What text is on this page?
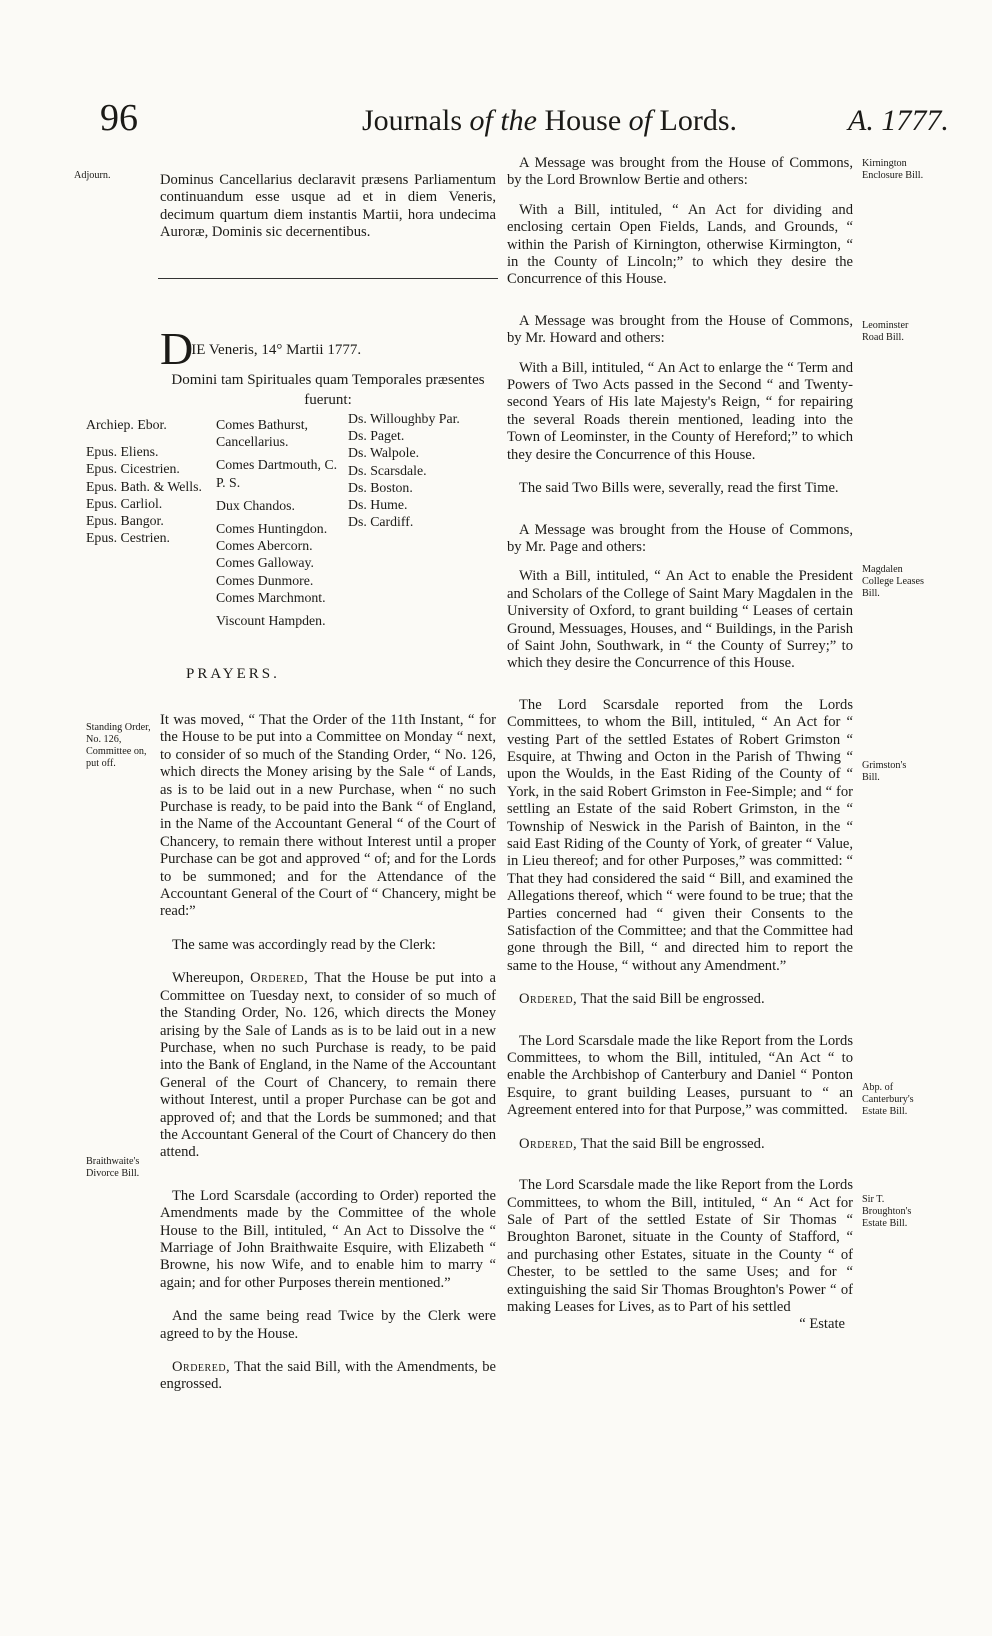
96	Journals of the House of Lords.	A. 1777.
Adjourn.
Standing Order, No. 126, Committee on, put off.
Braithwaite's Divorce Bill.
Kirnington Enclosure Bill.
Leominster Road Bill.
Magdalen College Leases Bill.
Grimston's Bill.
Abp. of Canterbury's Estate Bill.
Sir T. Broughton's Estate Bill.

Dominus Cancellarius declaravit præsens Parliamentum continuandum esse usque ad et in diem Veneris, decimum quartum diem instantis Martii, hora undecima Auroræ, Dominis sic decernentibus.

DIE Veneris, 14° Martii 1777.
Domini tam Spirituales quam Temporales præsentes fuerunt:
Archiep. Ebor.
Epus. Eliens.
Epus. Cicestrien.
Epus. Bath. & Wells.
Epus. Carliol.
Epus. Bangor.
Epus. Cestrien.
Comes Bathurst, Cancellarius.
Comes Dartmouth, C. P. S.
Dux Chandos.
Comes Huntingdon.
Comes Abercorn.
Comes Galloway.
Comes Dunmore.
Comes Marchmont.
Viscount Hampden.
Ds. Willoughby Par.
Ds. Paget.
Ds. Walpole.
Ds. Scarsdale.
Ds. Boston.
Ds. Hume.
Ds. Cardiff.
PRAYERS.

It was moved, “ That the Order of the 11th Instant, “ for the House to be put into a Committee on Monday “ next, to consider of so much of the Standing Order, “ No. 126, which directs the Money arising by the Sale “ of Lands, as is to be laid out in a new Purchase, when “ no such Purchase is ready, to be paid into the Bank “ of England, in the Name of the Accountant General “ of the Court of Chancery, to remain there without Interest until a proper Purchase can be got and approved “ of; and for the Lords to be summoned; and for the Attendance of the Accountant General of the Court of “ Chancery, might be read:”

The same was accordingly read by the Clerk:

Whereupon, Ordered, That the House be put into a Committee on Tuesday next, to consider of so much of the Standing Order, No. 126, which directs the Money arising by the Sale of Lands as is to be laid out in a new Purchase, when no such Purchase is ready, to be paid into the Bank of England, in the Name of the Accountant General of the Court of Chancery, to remain there without Interest, until a proper Purchase can be got and approved of; and that the Lords be summoned; and that the Accountant General of the Court of Chancery do then attend.

The Lord Scarsdale (according to Order) reported the Amendments made by the Committee of the whole House to the Bill, intituled, “ An Act to Dissolve the “ Marriage of John Braithwaite Esquire, with Elizabeth “ Browne, his now Wife, and to enable him to marry “ again; and for other Purposes therein mentioned.”

And the same being read Twice by the Clerk were agreed to by the House.

Ordered, That the said Bill, with the Amendments, be engrossed.

A Message was brought from the House of Commons, by the Lord Brownlow Bertie and others:

With a Bill, intituled, “ An Act for dividing and enclosing certain Open Fields, Lands, and Grounds, “ within the Parish of Kirnington, otherwise Kirmington, “ in the County of Lincoln;” to which they desire the Concurrence of this House.

A Message was brought from the House of Commons, by Mr. Howard and others:

With a Bill, intituled, “ An Act to enlarge the “ Term and Powers of Two Acts passed in the Second “ and Twenty-second Years of His late Majesty's Reign, “ for repairing the several Roads therein mentioned, leading into the Town of Leominster, in the County of Hereford;” to which they desire the Concurrence of this House.

The said Two Bills were, severally, read the first Time.

A Message was brought from the House of Commons, by Mr. Page and others:

With a Bill, intituled, “ An Act to enable the President and Scholars of the College of Saint Mary Magdalen in the University of Oxford, to grant building “ Leases of certain Ground, Messuages, Houses, and “ Buildings, in the Parish of Saint John, Southwark, in “ the County of Surrey;” to which they desire the Concurrence of this House.

The Lord Scarsdale reported from the Lords Committees, to whom the Bill, intituled, “ An Act for “ vesting Part of the settled Estates of Robert Grimston “ Esquire, at Thwing and Octon in the Parish of Thwing “ upon the Woulds, in the East Riding of the County of “ York, in the said Robert Grimston in Fee-Simple; and “ for settling an Estate of the said Robert Grimston, in the “ Township of Neswick in the Parish of Bainton, in the “ said East Riding of the County of York, of greater “ Value, in Lieu thereof; and for other Purposes,” was committed: “ That they had considered the said “ Bill, and examined the Allegations thereof, which “ were found to be true; that the Parties concerned had “ given their Consents to the Satisfaction of the Committee; and that the Committee had gone through the Bill, “ and directed him to report the same to the House, “ without any Amendment.”

Ordered, That the said Bill be engrossed.

The Lord Scarsdale made the like Report from the Lords Committees, to whom the Bill, intituled, “An Act “ to enable the Archbishop of Canterbury and Daniel “ Ponton Esquire, to grant building Leases, pursuant to “ an Agreement entered into for that Purpose,” was committed.

Ordered, That the said Bill be engrossed.

The Lord Scarsdale made the like Report from the Lords Committees, to whom the Bill, intituled, “ An “ Act for Sale of Part of the settled Estate of Sir Thomas “ Broughton Baronet, situate in the County of Stafford, “ and purchasing other Estates, situate in the County “ of Chester, to be settled to the same Uses; and for “ extinguishing the said Sir Thomas Broughton's Power “ of making Leases for Lives, as to Part of his settled

“ Estate
